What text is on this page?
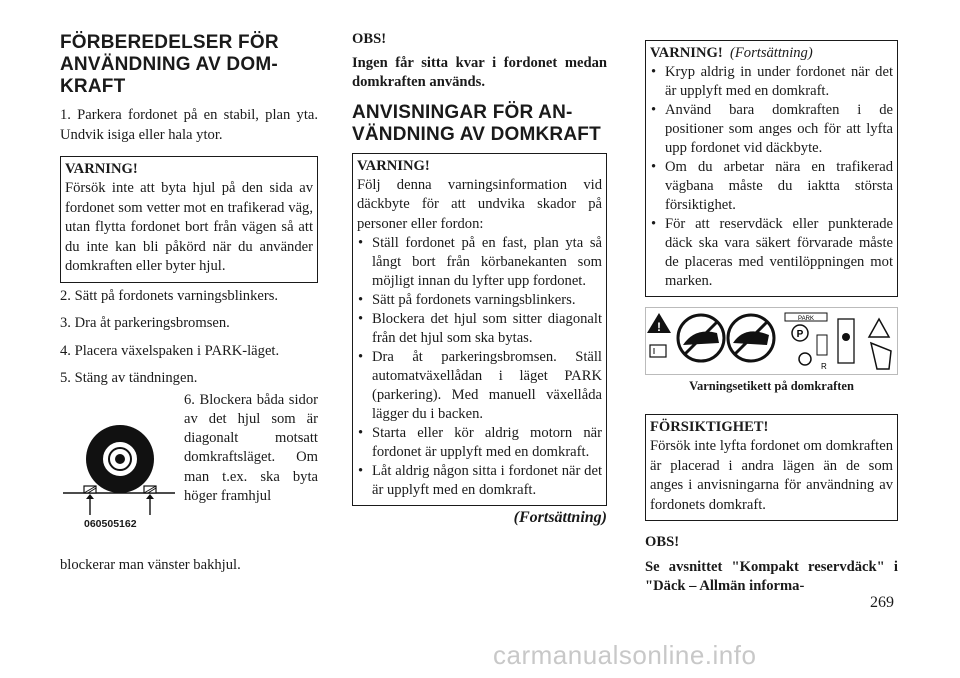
FÖRBEREDELSER FÖR
ANVÄNDNING AV DOM-
KRAFT

1. Parkera fordonet på en stabil, plan yta. Undvik isiga eller hala ytor.

VARNING!

Försök inte att byta hjul på den sida av fordonet som vetter mot en trafikerad väg, utan flytta fordonet bort från vägen så att du inte kan bli påkörd när du använder domkraften eller byter hjul.

2. Sätt på fordonets varningsblinkers.

3. Dra åt parkeringsbromsen.

4. Placera växelspaken i PARK-läget.

5. Stäng av tändningen.

060505162
6. Blockera båda sidor av det hjul som är diagonalt motsatt domkraftsläget. Om man t.ex. ska byta höger framhjul

blockerar man vänster bakhjul.

OBS!

Ingen får sitta kvar i fordonet medan domkraften används.

ANVISNINGAR FÖR AN-
VÄNDNING AV DOMKRAFT
VARNING!

Följ denna varningsinformation vid däckbyte för att undvika skador på personer eller fordon:

• Ställ fordonet på en fast, plan yta så långt bort från körbanekanten som möjligt innan du lyfter upp fordonet.
• Sätt på fordonets varningsblinkers.
• Blockera det hjul som sitter diagonalt från det hjul som ska bytas.
• Dra åt parkeringsbromsen. Ställ automatväxellådan i läget PARK (parkering). Med manuell växellåda lägger du i backen.
• Starta eller kör aldrig motorn när fordonet är upplyft med en domkraft.
• Låt aldrig någon sitta i fordonet när det är upplyft med en domkraft.
(Fortsättning)
VARNING! (Fortsättning)
• Kryp aldrig in under fordonet när det är upplyft med en domkraft.
• Använd bara domkraften i de positioner som anges och för att lyfta upp fordonet vid däckbyte.
• Om du arbetar nära en trafikerad vägbana måste du iaktta största försiktighet.
• För att reservdäck eller punkterade däck ska vara säkert förvarade måste de placeras med ventilöppningen mot marken.
!
PARK
P
R
Varningsetikett på domkraften
FÖRSIKTIGHET!

Försök inte lyfta fordonet om domkraften är placerad i andra lägen än de som anges i anvisningarna för användning av fordonets domkraft.

OBS!

Se avsnittet "Kompakt reservdäck" i "Däck – Allmän informa-

269
carmanualsonline.info
